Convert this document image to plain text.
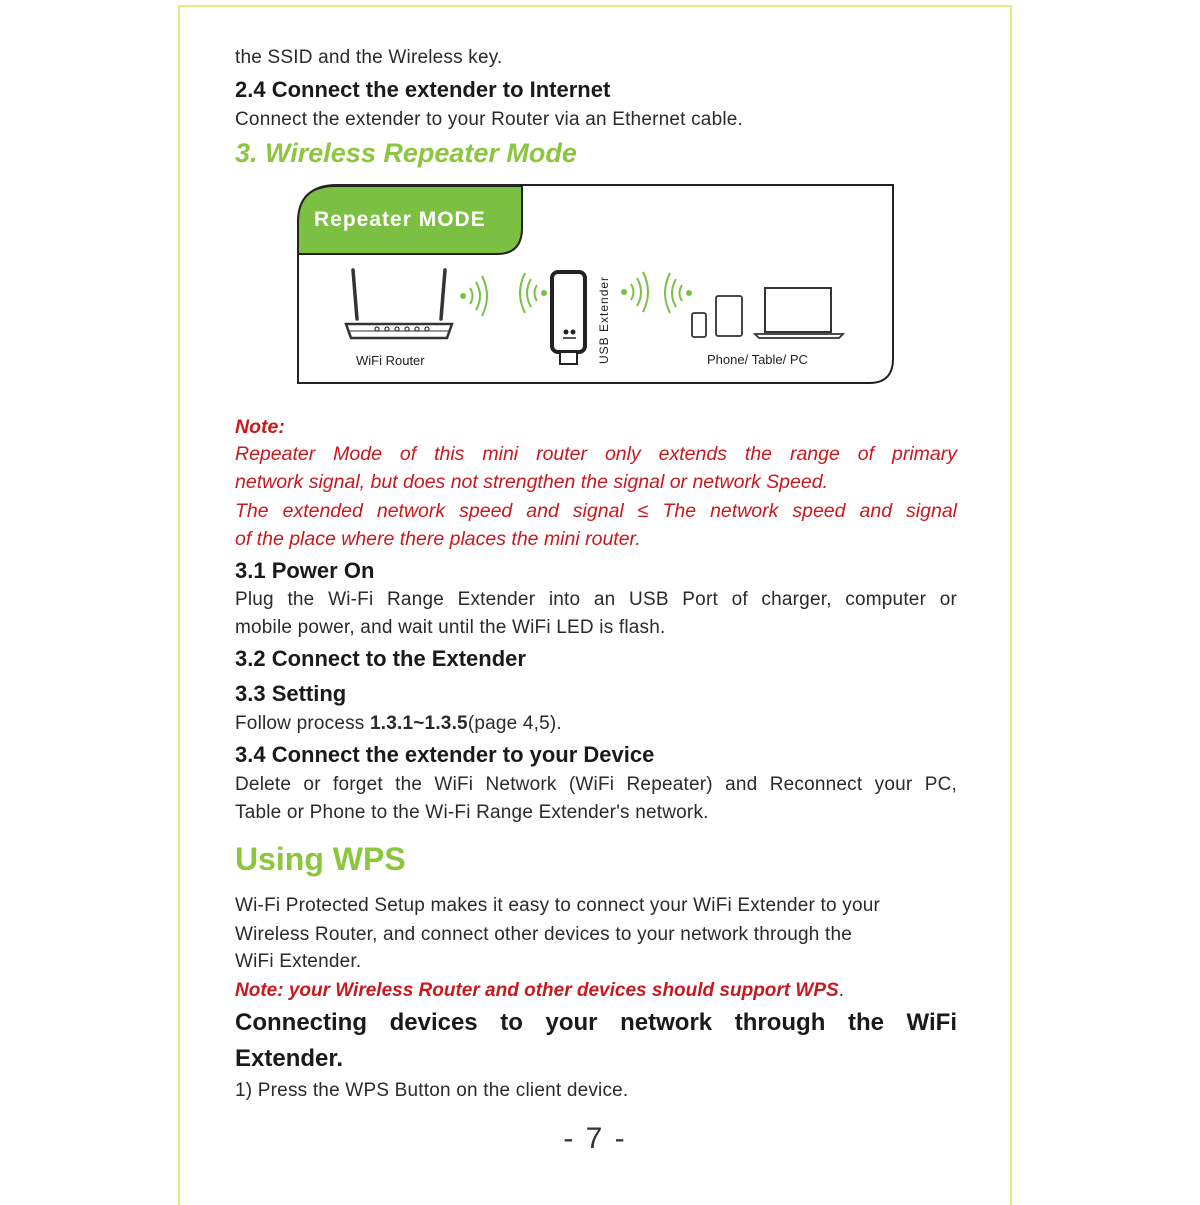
the SSID and the Wireless key.

2.4 Connect the extender to Internet

Connect the extender to your Router via an Ethernet cable.

3. Wireless Repeater Mode

Repeater MODE
WiFi Router	USB Extender	Phone/ Table/ PC

Note:

Repeater Mode of this mini router only extends the range of primary

network signal, but does not strengthen the signal or network Speed.

The extended network speed and signal ≤ The network speed and signal

of the place where there places the mini router.

3.1 Power On

Plug the Wi-Fi Range Extender into an USB Port of charger, computer or

mobile power, and wait until the WiFi LED is flash.

3.2 Connect to the Extender

3.3 Setting

Follow process 1.3.1~1.3.5(page 4,5).

3.4 Connect the extender to your Device

Delete or forget the WiFi Network (WiFi Repeater) and Reconnect your PC,

Table or Phone to the Wi-Fi Range Extender's network.

Using WPS

Wi-Fi Protected Setup makes it easy to connect your WiFi Extender to your

Wireless Router, and connect other devices to your network through the

WiFi Extender.

Note: your Wireless Router and other devices should support WPS.

Connecting devices to your network through the WiFi

Extender.

1) Press the WPS Button on the client device.

- 7 -
